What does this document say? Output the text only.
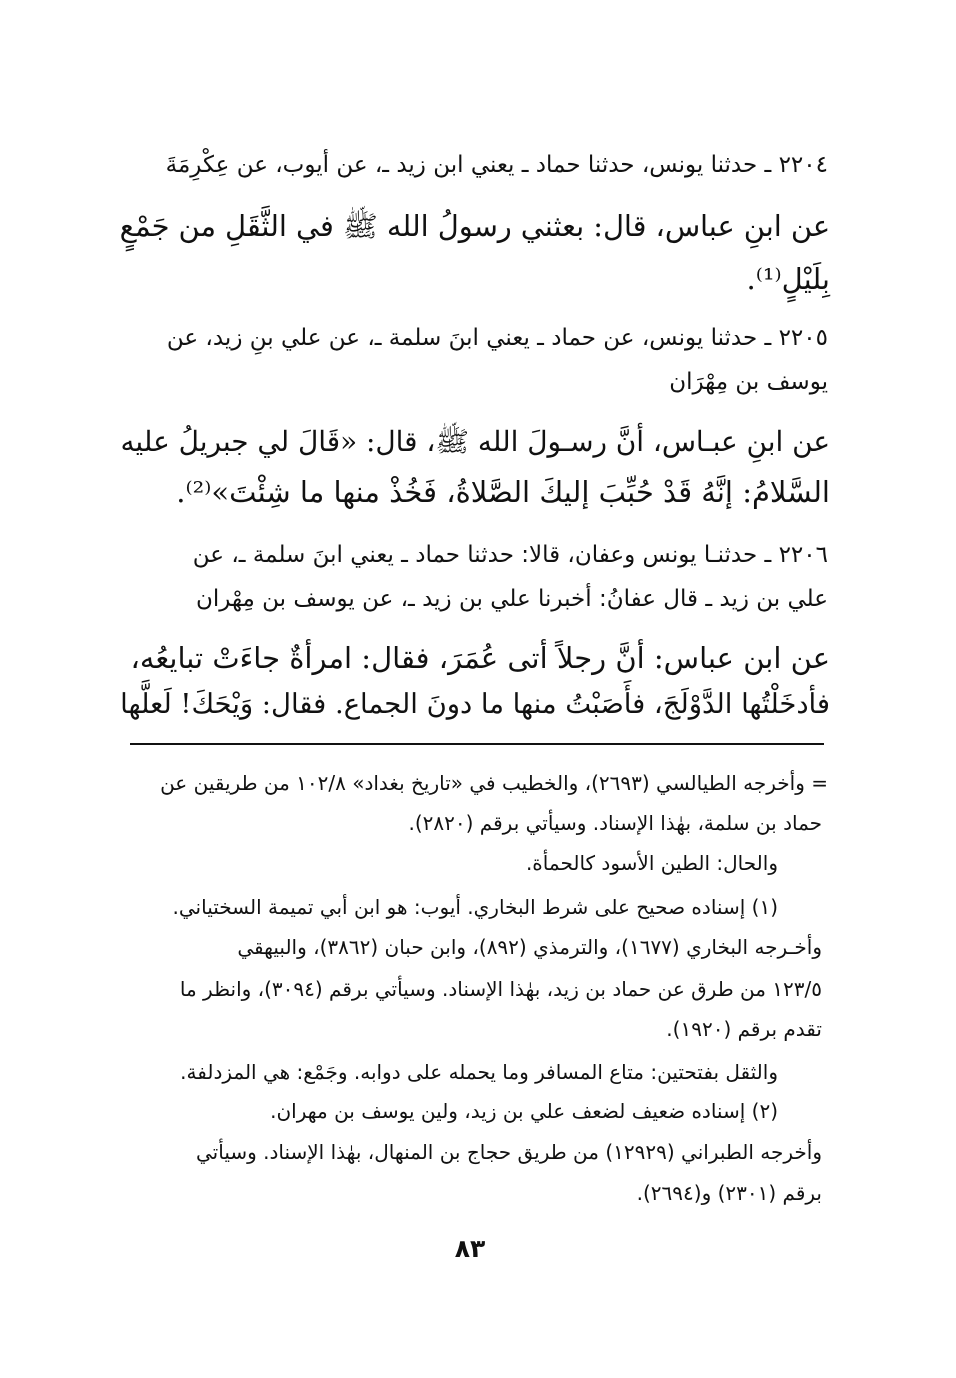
٢٢٠٤ ـ حدثنا يونس، حدثنا حماد ـ يعني ابن زيد ـ، عن أيوب، عن عِكْرِمَةَ
عن ابنِ عباس، قال: بعثني رسولُ الله ﷺ في الثَّقَلِ من جَمْعٍ
بِلَيْلٍ⁽¹⁾.
٢٢٠٥ ـ حدثنا يونس، عن حماد ـ يعني ابنَ سلمة ـ، عن علي بنِ زيد، عن
يوسف بن مِهْرَان
عن ابنِ عبـاس، أنَّ رسـولَ الله ﷺ، قال: «قَالَ لي جبريلُ عليه
السَّلامُ: إنَّهُ قَدْ حُبِّبَ إليكَ الصَّلاةُ، فَخُذْ منها ما شِئْتَ»⁽²⁾.
٢٢٠٦ ـ حدثنـا يونس وعفان، قالا: حدثنا حماد ـ يعني ابنَ سلمة ـ، عن
علي بن زيد ـ قال عفانُ: أخبرنا علي بن زيد ـ، عن يوسف بن مِهْران
عن ابن عباس: أنَّ رجلاً أتى عُمَرَ، فقال: امرأةٌ جاءَتْ تبايعُه،
فأدخَلْتُها الدَّوْلَجَ، فأَصَبْتُ منها ما دونَ الجماع. فقال: وَيْحَكَ! لَعلَّها
= وأخرجه الطيالسي (٢٦٩٣)، والخطيب في «تاريخ بغداد» ١٠٢/٨ من طريقين عن
حماد بن سلمة، بهٰذا الإسناد. وسيأتي برقم (٢٨٢٠).
والحال: الطين الأسود كالحمأة.
(١) إسناده صحيح على شرط البخاري. أيوب: هو ابن أبي تميمة السختياني.
وأخـرجه البخاري (١٦٧٧)، والترمذي (٨٩٢)، وابن حبان (٣٨٦٢)، والبيهقي
١٢٣/٥ من طرق عن حماد بن زيد، بهٰذا الإسناد. وسيأتي برقم (٣٠٩٤)، وانظر ما
تقدم برقم (١٩٢٠).
والثقل بفتحتين: متاع المسافر وما يحمله على دوابه. وجَمْع: هي المزدلفة.
(٢) إسناده ضعيف لضعف علي بن زيد، ولين يوسف بن مهران.
وأخرجه الطبراني (١٢٩٢٩) من طريق حجاج بن المنهال، بهٰذا الإسناد. وسيأتي
برقم (٢٣٠١) و(٢٦٩٤).
٨٣
